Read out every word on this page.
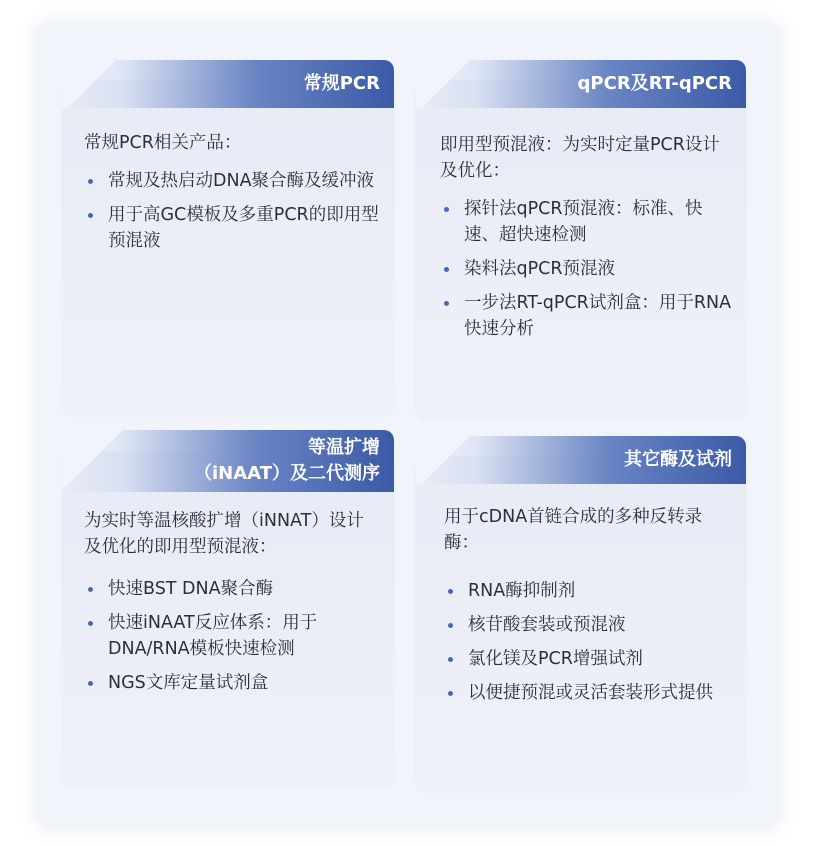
常规PCR
常规PCR相关产品：
常规及热启动DNA聚合酶及缓冲液
用于高GC模板及多重PCR的即用型预混液
qPCR及RT-qPCR
即用型预混液：为实时定量PCR设计及优化：
探针法qPCR预混液：标准、快速、超快速检测
染料法qPCR预混液
一步法RT-qPCR试剂盒：用于RNA快速分析
等温扩增
（iNAAT）及二代测序
为实时等温核酸扩增（iNNAT）设计及优化的即用型预混液：
快速BST DNA聚合酶
快速iNAAT反应体系：用于DNA/RNA模板快速检测
NGS文库定量试剂盒
其它酶及试剂
用于cDNA首链合成的多种反转录酶：
RNA酶抑制剂
核苷酸套装或预混液
氯化镁及PCR增强试剂
以便捷预混或灵活套装形式提供
